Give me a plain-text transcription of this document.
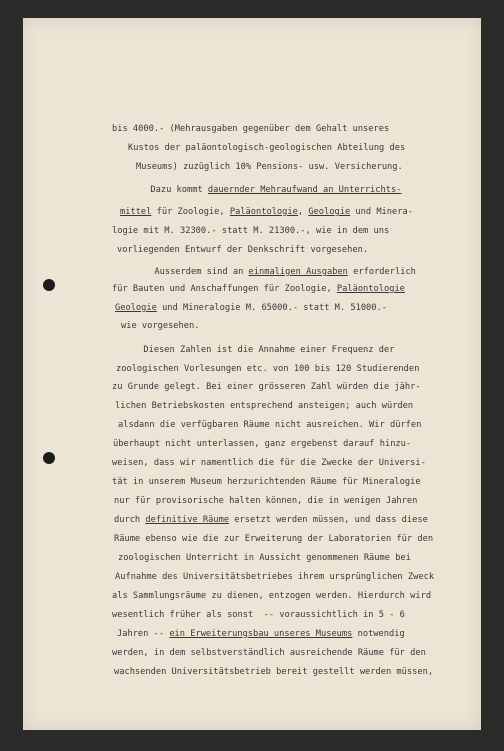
bis 4000.- (Mehrausgaben gegenüber dem Gehalt unseres
Kustos der paläontologisch-geologischen Abteilung des
Museums) zuzüglich 10% Pensions- usw. Versicherung.
Dazu kommt dauernder Mehraufwand an Unterrichts-
mittel für Zoologie, Paläontologie, Geologie und Minera-
logie mit M. 32300.- statt M. 21300.-, wie in dem uns
vorliegenden Entwurf der Denkschrift vorgesehen.
Ausserdem sind an einmaligen Ausgaben erforderlich
für Bauten und Anschaffungen für Zoologie, Paläontologie
Geologie und Mineralogie M. 65000.- statt M. 51000.-
wie vorgesehen.
Diesen Zahlen ist die Annahme einer Frequenz der
zoologischen Vorlesungen etc. von 100 bis 120 Studierenden
zu Grunde gelegt. Bei einer grösseren Zahl würden die jähr-
lichen Betriebskosten entsprechend ansteigen; auch würden
alsdann die verfügbaren Räume nicht ausreichen. Wir dürfen
überhaupt nicht unterlassen, ganz ergebenst darauf hinzu-
weisen, dass wir namentlich die für die Zwecke der Universi-
tät in unserem Museum herzurichtenden Räume für Mineralogie
nur für provisorische halten können, die in wenigen Jahren
durch definitive Räume ersetzt werden müssen, und dass diese
Räume ebenso wie die zur Erweiterung der Laboratorien für den
zoologischen Unterricht in Aussicht genommenen Räume bei
Aufnahme des Universitätsbetriebes ihrem ursprünglichen Zweck
als Sammlungsräume zu dienen, entzogen werden. Hierdurch wird
wesentlich früher als sonst  -- voraussichtlich in 5 - 6
Jahren -- ein Erweiterungsbau unseres Museums notwendig
werden, in dem selbstverständlich ausreichende Räume für den
wachsenden Universitätsbetrieb bereit gestellt werden müssen,
